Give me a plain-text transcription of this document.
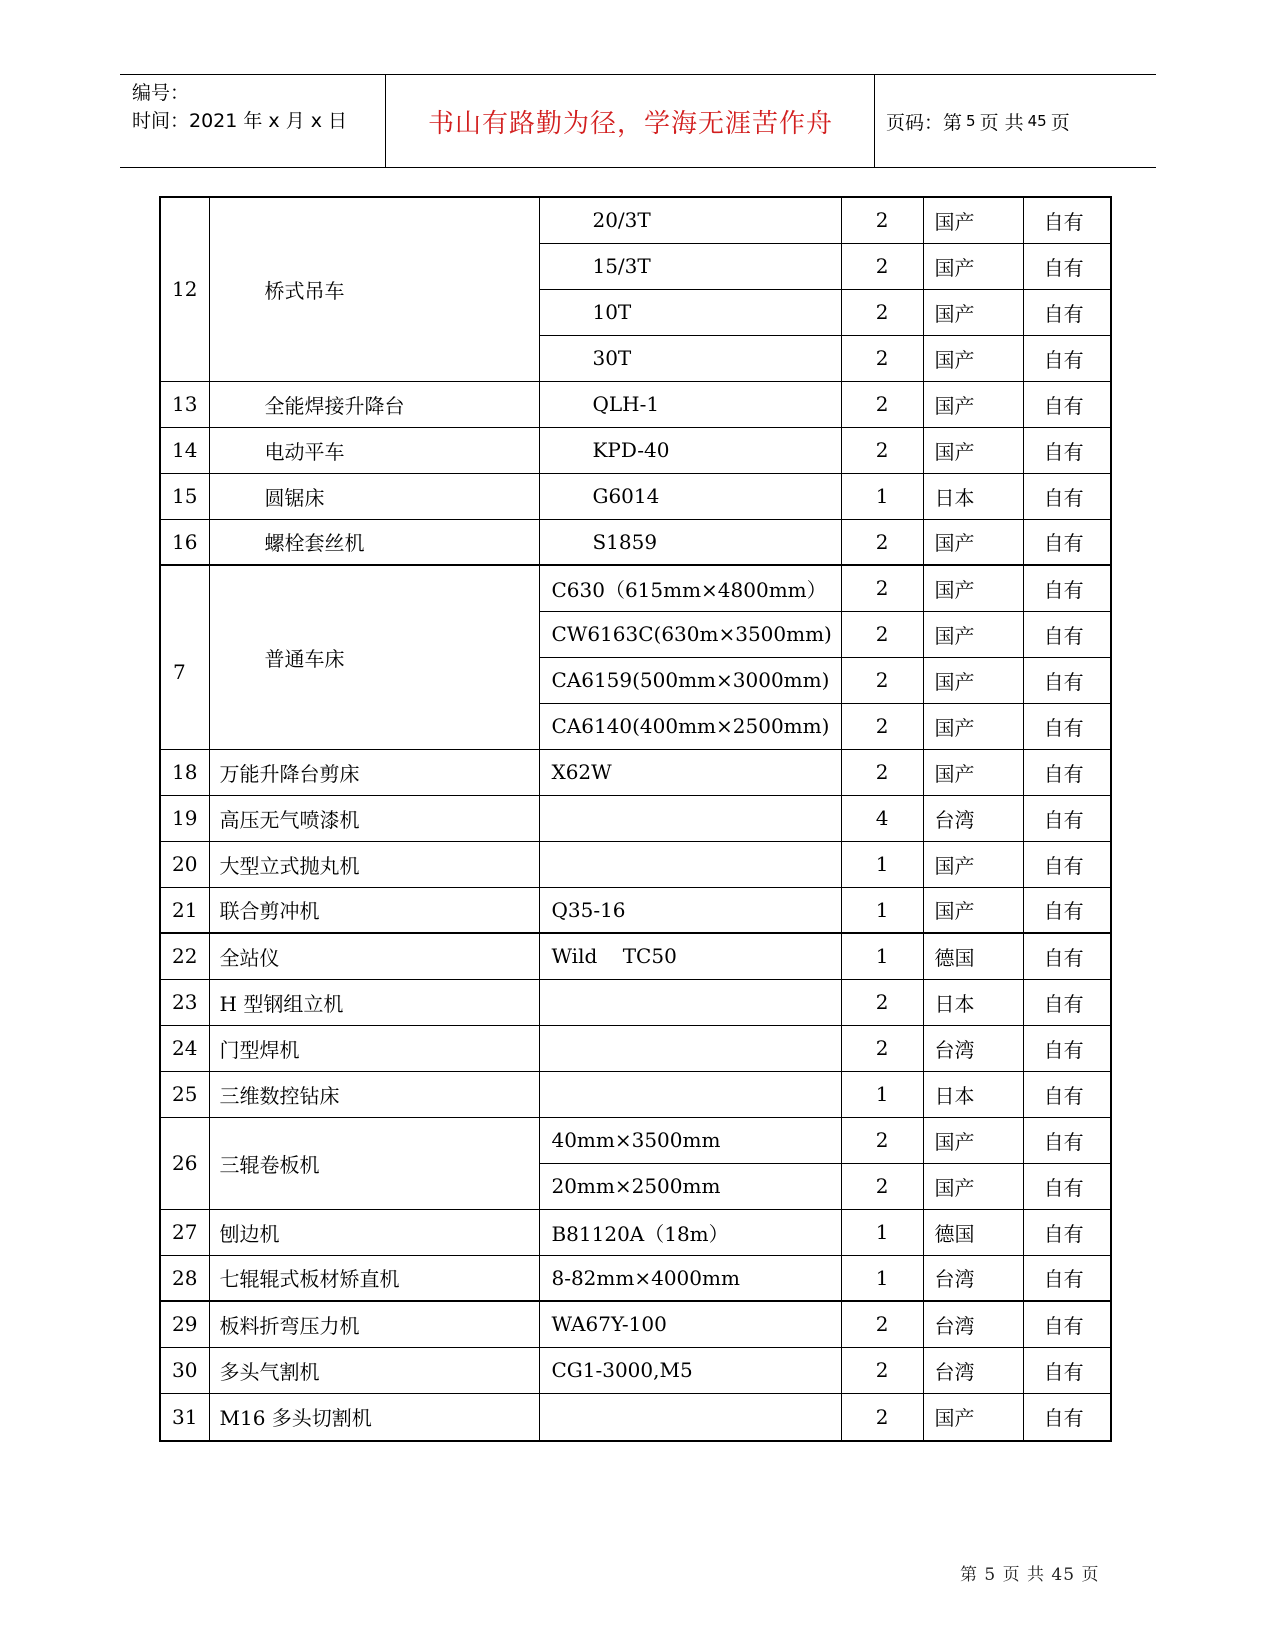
编号：
时间：2021 年 x 月 x 日	书山有路勤为径，学海无涯苦作舟	页码：第 5 页 共 45 页
12	桥式吊车	20/3T	2	国产	自有
		15/3T	2	国产	自有
		10T	2	国产	自有
		30T	2	国产	自有
13	全能焊接升降台	QLH-1	2	国产	自有
14	电动平车	KPD-40	2	国产	自有
15	圆锯床	G6014	1	日本	自有
16	螺栓套丝机	S1859	2	国产	自有
7	普通车床	C630（615mm×4800mm）	2	国产	自有
		CW6163C(630m×3500mm)	2	国产	自有
		CA6159(500mm×3000mm)	2	国产	自有
		CA6140(400mm×2500mm)	2	国产	自有
18	万能升降台剪床	X62W	2	国产	自有
19	高压无气喷漆机		4	台湾	自有
20	大型立式抛丸机		1	国产	自有
21	联合剪冲机	Q35-16	1	国产	自有
22	全站仪	Wild    TC50	1	德国	自有
23	H 型钢组立机		2	日本	自有
24	门型焊机		2	台湾	自有
25	三维数控钻床		1	日本	自有
26	三辊卷板机	40mm×3500mm	2	国产	自有
		20mm×2500mm	2	国产	自有
27	刨边机	B81120A（18m）	1	德国	自有
28	七辊辊式板材矫直机	8-82mm×4000mm	1	台湾	自有
29	板料折弯压力机	WA67Y-100	2	台湾	自有
30	多头气割机	CG1-3000,M5	2	台湾	自有
31	M16 多头切割机		2	国产	自有
第 5 页 共 45 页
